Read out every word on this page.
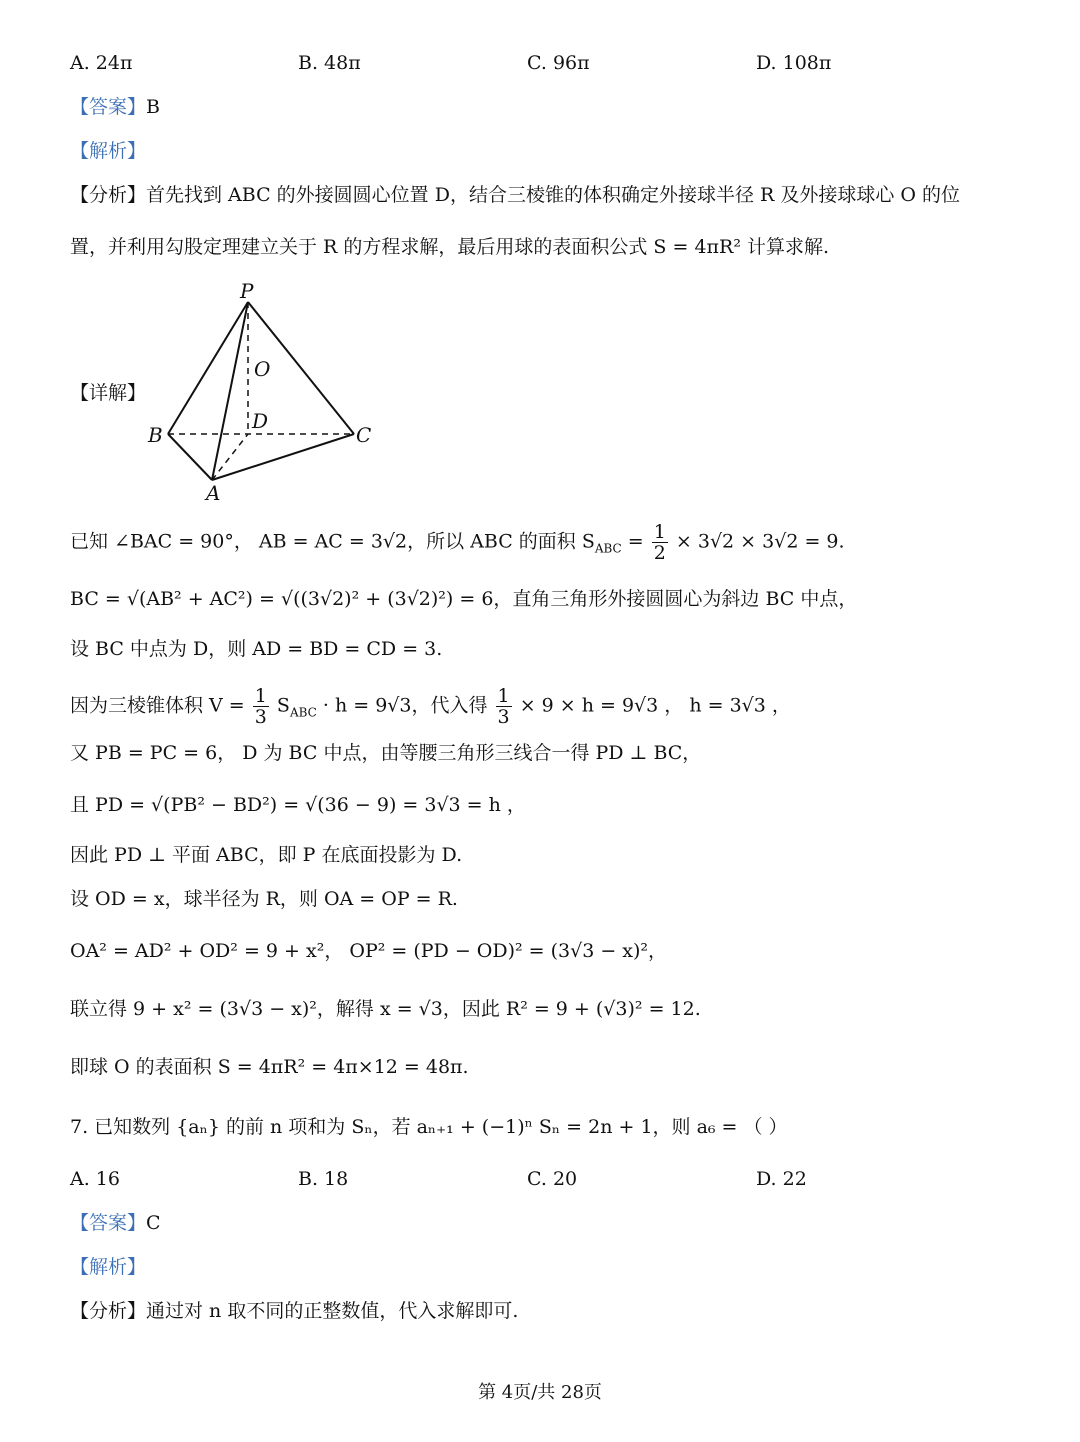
A. 24π	B. 48π	C. 96π	D. 108π
【答案】B
【解析】
【分析】首先找到 ABC 的外接圆圆心位置 D，结合三棱锥的体积确定外接球半径 R 及外接球球心 O 的位
置，并利用勾股定理建立关于 R 的方程求解，最后用球的表面积公式 S = 4πR² 计算求解.
【详解】
P
O
D
B	C
A
已知 ∠BAC = 90°， AB = AC = 3√2，所以 ABC 的面积 $S_{ABC} = \frac{1}{2} \times 3√2 \times 3√2 = 9$.
BC = √(AB² + AC²) = √((3√2)² + (3√2)²) = 6，直角三角形外接圆圆心为斜边 BC 中点，
设 BC 中点为 D，则 AD = BD = CD = 3.
因为三棱锥体积 $V = \frac{1}{3} S_{ABC} \cdot h = 9√3$，代入得 $\frac{1}{3} \times 9 \times h = 9√3$ ， h = 3√3 ，
又 PB = PC = 6， D 为 BC 中点，由等腰三角形三线合一得 PD ⊥ BC，
且 PD = √(PB² − BD²) = √(36 − 9) = 3√3 = h ，
因此 PD ⊥ 平面 ABC，即 P 在底面投影为 D.
设 OD = x，球半径为 R，则 OA = OP = R.
OA² = AD² + OD² = 9 + x²， OP² = (PD − OD)² = (3√3 − x)²，
联立得 9 + x² = (3√3 − x)²，解得 x = √3，因此 R² = 9 + (√3)² = 12.
即球 O 的表面积 S = 4πR² = 4π×12 = 48π.
7. 已知数列 {aₙ} 的前 n 项和为 Sₙ，若 aₙ₊₁ + (−1)ⁿ Sₙ = 2n + 1，则 a₆ = （ ）
A. 16	B. 18	C. 20	D. 22
【答案】C
【解析】
【分析】通过对 n 取不同的正整数值，代入求解即可.
第 4页/共 28页
